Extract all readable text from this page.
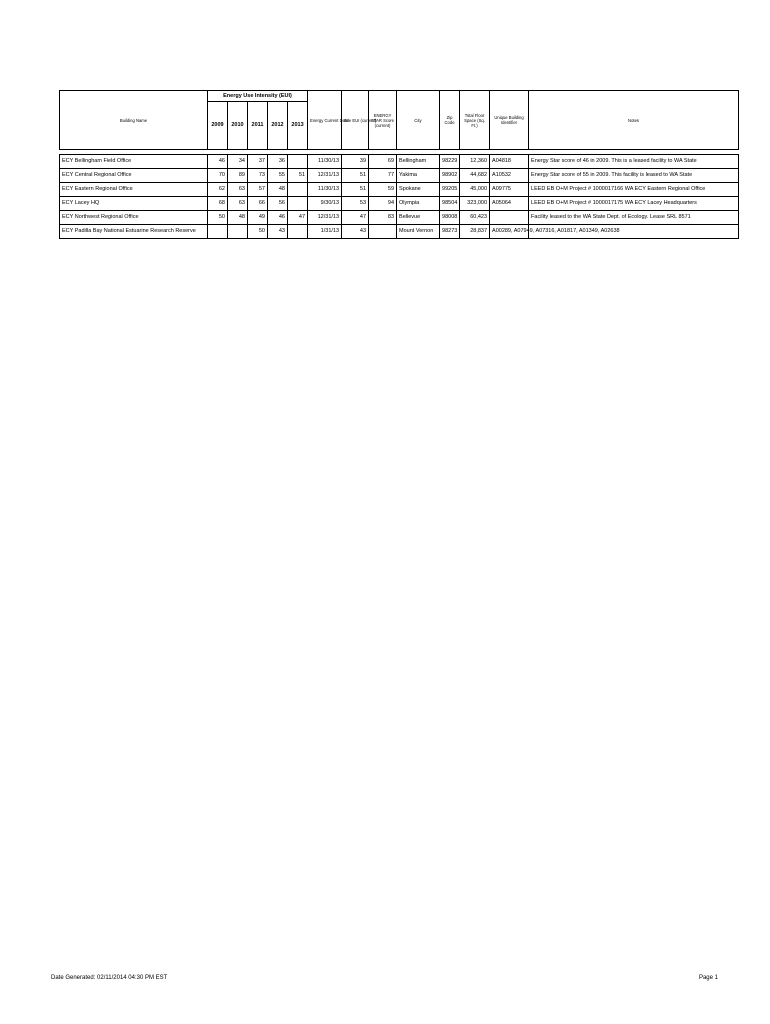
Building Name	Energy Use Intensity (EUI)					Energy Current Date	Site EUI (current)	ENERGY STAR Score (current)	City	Zip Code	Total Floor Space (Sq. Ft.)	Unique Building Identifier	Notes
	2009	2010	2011	2012	2013								

ECY Bellingham Field Office	46	34	37	36		11/30/13	39	69	Bellingham	98229	12,360	A04818	Energy Star score of 46 in 2009. This is a leased facility to WA State
ECY Central Regional Office	70	89	73	55	51	12/31/13	51	77	Yakima	98902	44,682	A10532	Energy Star score of 55 in 2009. This facility is leased to WA State
ECY Eastern Regional Office	62	63	57	48		11/30/13	51	59	Spokane	99205	45,000	A09775	LEED EB O+M Project # 1000017166 WA ECY Eastern Regional Office
ECY Lacey HQ	68	63	66	56		9/30/13	53	94	Olympia	98504	323,000	A05064	LEED EB O+M Project # 1000017175 WA ECY Lacey Headquarters
ECY Northwest Regional Office	50	48	49	46	47	12/31/13	47	83	Bellevue	98008	60,423		Facility leased to the WA State Dept. of Ecology. Lease SRL 8571
ECY Padilla Bay National Estuarine Research Reserve			50	43		1/31/13	43		Mount Vernon	98273	28,837	A00289, A07949, A07316, A01817, A01349, A02638	
Date Generated: 02/11/2014 04:30 PM EST	Page 1
